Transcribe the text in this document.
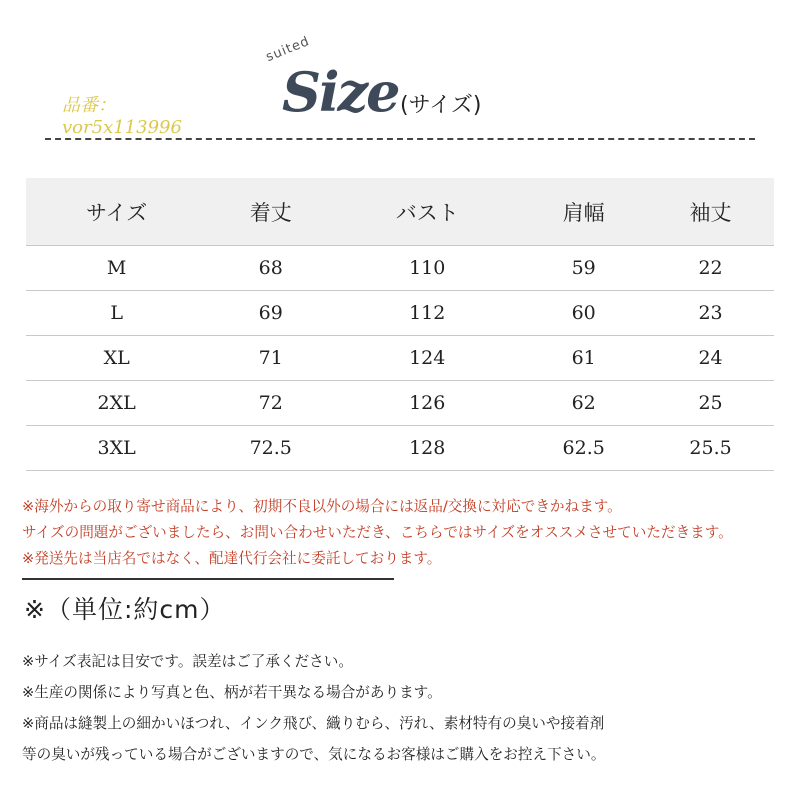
suited
Size (サイズ)
品番：
vor5x113996
サイズ	着丈	バスト	肩幅	袖丈
M	68	110	59	22
L	69	112	60	23
XL	71	124	61	24
2XL	72	126	62	25
3XL	72.5	128	62.5	25.5
※海外からの取り寄せ商品により、初期不良以外の場合には返品/交換に対応できかねます。
サイズの問題がございましたら、お問い合わせいただき、こちらではサイズをオススメさせていただきます。
※発送先は当店名ではなく、配達代行会社に委託しております。
※（単位:約cm）
※サイズ表記は目安です。誤差はご了承ください。
※生産の関係により写真と色、柄が若干異なる場合があります。
※商品は縫製上の細かいほつれ、インク飛び、織りむら、汚れ、素材特有の臭いや接着剤
等の臭いが残っている場合がございますので、気になるお客様はご購入をお控え下さい。
